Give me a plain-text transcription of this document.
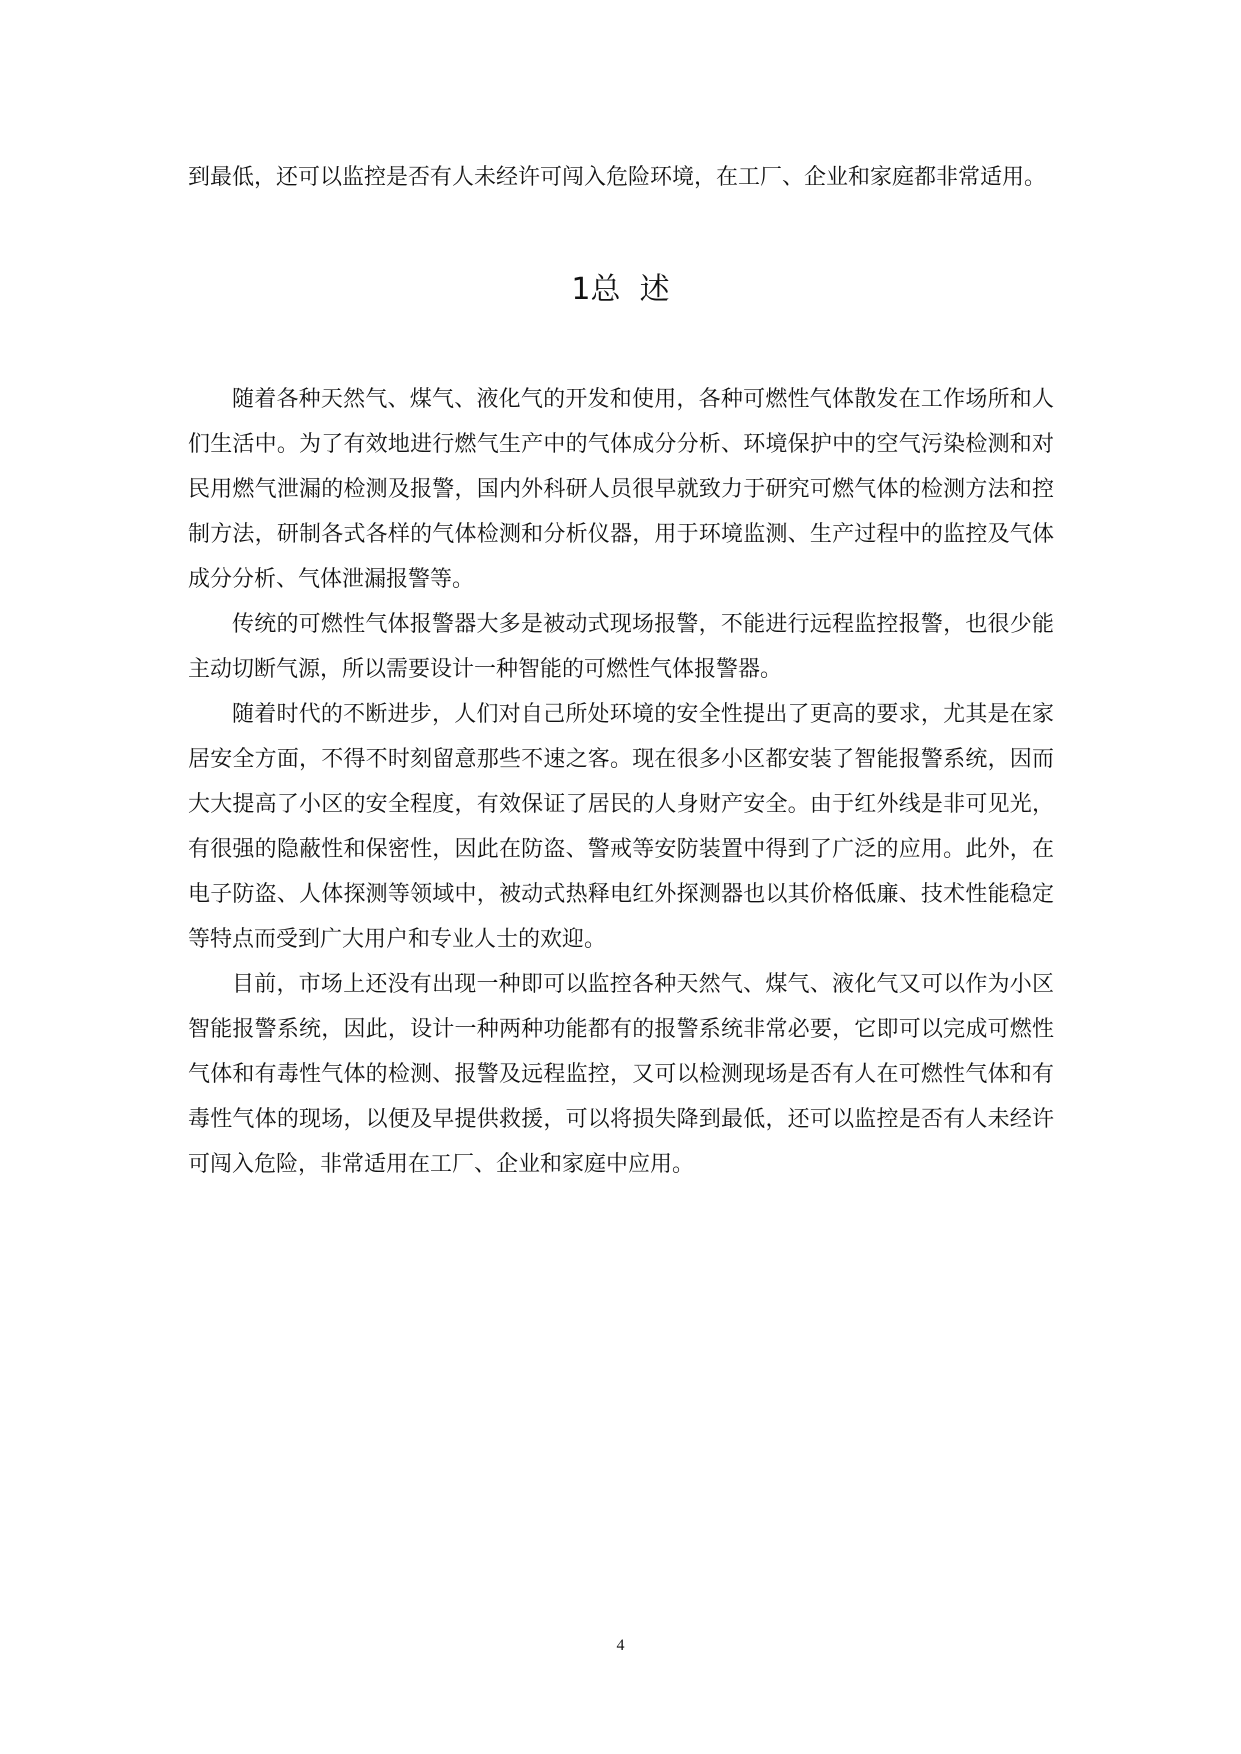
到最低，还可以监控是否有人未经许可闯入危险环境，在工厂、企业和家庭都非常适用。

1总  述

随着各种天然气、煤气、液化气的开发和使用，各种可燃性气体散发在工作场所和人们生活中。为了有效地进行燃气生产中的气体成分分析、环境保护中的空气污染检测和对民用燃气泄漏的检测及报警，国内外科研人员很早就致力于研究可燃气体的检测方法和控制方法，研制各式各样的气体检测和分析仪器，用于环境监测、生产过程中的监控及气体成分分析、气体泄漏报警等。

传统的可燃性气体报警器大多是被动式现场报警，不能进行远程监控报警，也很少能主动切断气源，所以需要设计一种智能的可燃性气体报警器。

随着时代的不断进步，人们对自己所处环境的安全性提出了更高的要求，尤其是在家居安全方面，不得不时刻留意那些不速之客。现在很多小区都安装了智能报警系统，因而大大提高了小区的安全程度，有效保证了居民的人身财产安全。由于红外线是非可见光，有很强的隐蔽性和保密性，因此在防盗、警戒等安防装置中得到了广泛的应用。此外，在电子防盗、人体探测等领域中，被动式热释电红外探测器也以其价格低廉、技术性能稳定等特点而受到广大用户和专业人士的欢迎。

目前，市场上还没有出现一种即可以监控各种天然气、煤气、液化气又可以作为小区智能报警系统，因此，设计一种两种功能都有的报警系统非常必要，它即可以完成可燃性气体和有毒性气体的检测、报警及远程监控，又可以检测现场是否有人在可燃性气体和有毒性气体的现场，以便及早提供救援，可以将损失降到最低，还可以监控是否有人未经许可闯入危险，非常适用在工厂、企业和家庭中应用。

4
